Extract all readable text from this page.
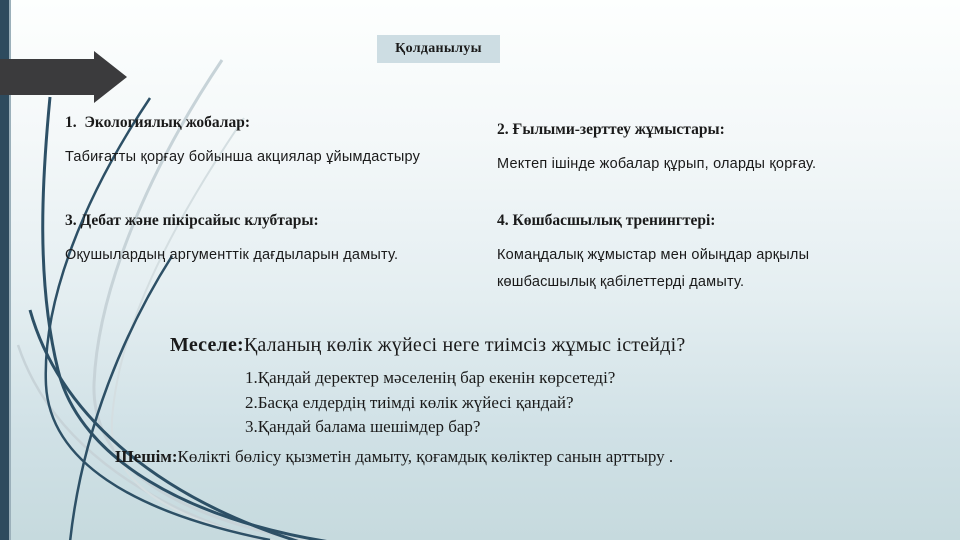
Қолданылуы
1.  Экологиялық жобалар:
Табиғатты қорғау бойынша акциялар ұйымдастыру
2. Ғылыми-зерттеу жұмыстары:
Мектеп ішінде жобалар құрып, оларды қорғау.
3. Дебат және пікірсайыс клубтары:
Оқушылардың аргументтік дағдыларын дамыту.
4. Көшбасшылық тренингтері:
Комаңдалық жұмыстар мен ойыңдар арқылы көшбасшылық қабілеттерді дамыту.
Меселе:Қаланың көлік жүйесі неге тиімсіз жұмыс істейді?
1.Қандай деректер мәселенің бар екенін көрсетеді?
2.Басқа елдердің тиімді көлік жүйесі қандай?
3.Қандай балама шешімдер бар?
Шешім:Көлікті бөлісу қызметін дамыту, қоғамдық көліктер санын арттыру .
